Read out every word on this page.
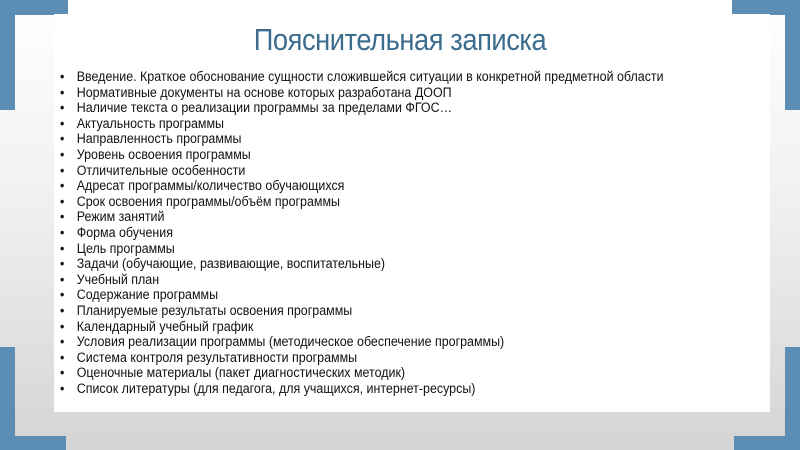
Пояснительная записка
• Введение. Краткое обоснование сущности сложившейся ситуации в конкретной предметной области
• Нормативные документы на основе которых разработана ДООП
• Наличие текста о реализации программы за пределами ФГОС…
• Актуальность программы
• Направленность программы
• Уровень освоения программы
• Отличительные особенности
• Адресат программы/количество обучающихся
• Срок освоения программы/объём программы
• Режим занятий
• Форма обучения
• Цель программы
• Задачи (обучающие, развивающие, воспитательные)
• Учебный план
• Содержание программы
• Планируемые результаты освоения программы
• Календарный учебный график
• Условия реализации программы (методическое обеспечение программы)
• Система контроля результативности программы
• Оценочные материалы (пакет диагностических методик)
• Список литературы (для педагога, для учащихся, интернет-ресурсы)
